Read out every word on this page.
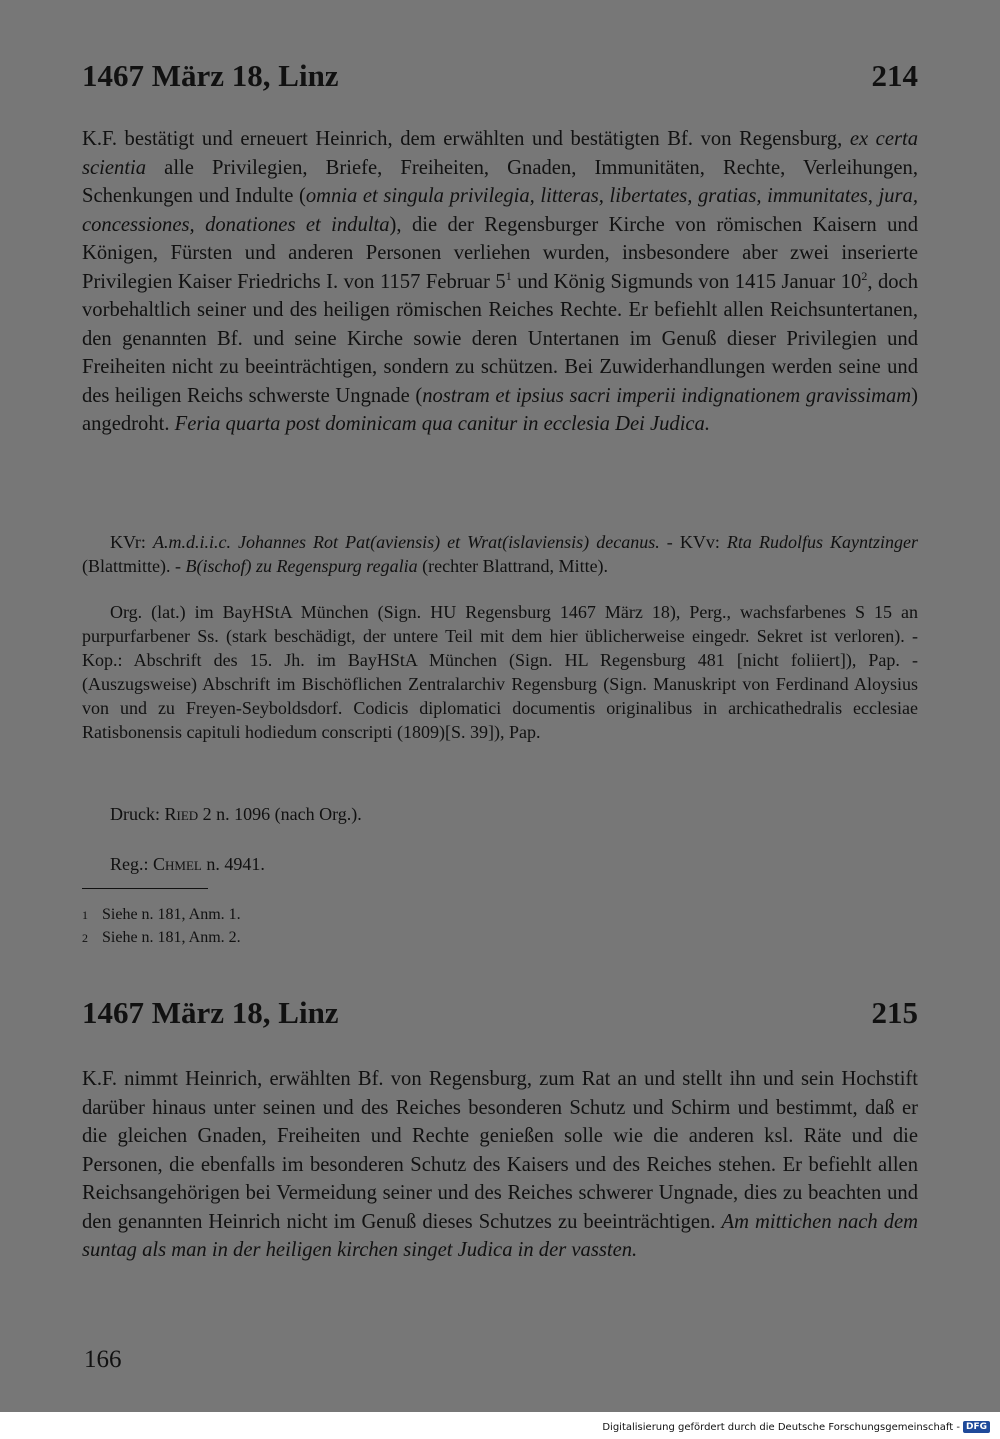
1467 März 18, Linz	214

K.F. bestätigt und erneuert Heinrich, dem erwählten und bestätigten Bf. von Regensburg, ex certa scientia alle Privilegien, Briefe, Freiheiten, Gnaden, Immunitäten, Rechte, Verleihungen, Schenkungen und Indulte (omnia et singula privilegia, litteras, libertates, gratias, immunitates, jura, concessiones, donationes et indulta), die der Regensburger Kirche von römischen Kaisern und Königen, Fürsten und anderen Personen verliehen wurden, insbesondere aber zwei inserierte Privilegien Kaiser Friedrichs I. von 1157 Februar $5^1$ und König Sigmunds von 1415 Januar $10^2$, doch vorbehaltlich seiner und des heiligen römischen Reiches Rechte. Er befiehlt allen Reichsuntertanen, den genannten Bf. und seine Kirche sowie deren Untertanen im Genuß dieser Privilegien und Freiheiten nicht zu beeinträchtigen, sondern zu schützen. Bei Zuwiderhandlungen werden seine und des heiligen Reichs schwerste Ungnade (nostram et ipsius sacri imperii indignationem gravissimam) angedroht. Feria quarta post dominicam qua canitur in ecclesia Dei Judica.

KVr: A.m.d.i.i.c. Johannes Rot Pat(aviensis) et Wrat(islaviensis) decanus. - KVv: Rta Rudolfus Kayntzinger (Blattmitte). - B(ischof) zu Regenspurg regalia (rechter Blattrand, Mitte).

Org. (lat.) im BayHStA München (Sign. HU Regensburg 1467 März 18), Perg., wachsfarbenes S 15 an purpurfarbener Ss. (stark beschädigt, der untere Teil mit dem hier üblicherweise eingedr. Sekret ist verloren). - Kop.: Abschrift des 15. Jh. im BayHStA München (Sign. HL Regensburg 481 [nicht foliiert]), Pap. - (Auszugsweise) Abschrift im Bischöflichen Zentralarchiv Regensburg (Sign. Manuskript von Ferdinand Aloysius von und zu Freyen-Seyboldsdorf. Codicis diplomatici documentis originalibus in archicathedralis ecclesiae Ratisbonensis capituli hodiedum conscripti (1809)[S. 39]), Pap.

Druck: Ried 2 n. 1096 (nach Org.).

Reg.: Chmel n. 4941.

1 Siehe n. 181, Anm. 1.
2 Siehe n. 181, Anm. 2.
1467 März 18, Linz	215

K.F. nimmt Heinrich, erwählten Bf. von Regensburg, zum Rat an und stellt ihn und sein Hochstift darüber hinaus unter seinen und des Reiches besonderen Schutz und Schirm und bestimmt, daß er die gleichen Gnaden, Freiheiten und Rechte genießen solle wie die anderen ksl. Räte und die Personen, die ebenfalls im besonderen Schutz des Kaisers und des Reiches stehen. Er befiehlt allen Reichsangehörigen bei Vermeidung seiner und des Reiches schwerer Ungnade, dies zu beachten und den genannten Heinrich nicht im Genuß dieses Schutzes zu beeinträchtigen. Am mittichen nach dem suntag als man in der heiligen kirchen singet Judica in der vassten.

166
Digitalisierung gefördert durch die Deutsche Forschungsgemeinschaft - DFG
